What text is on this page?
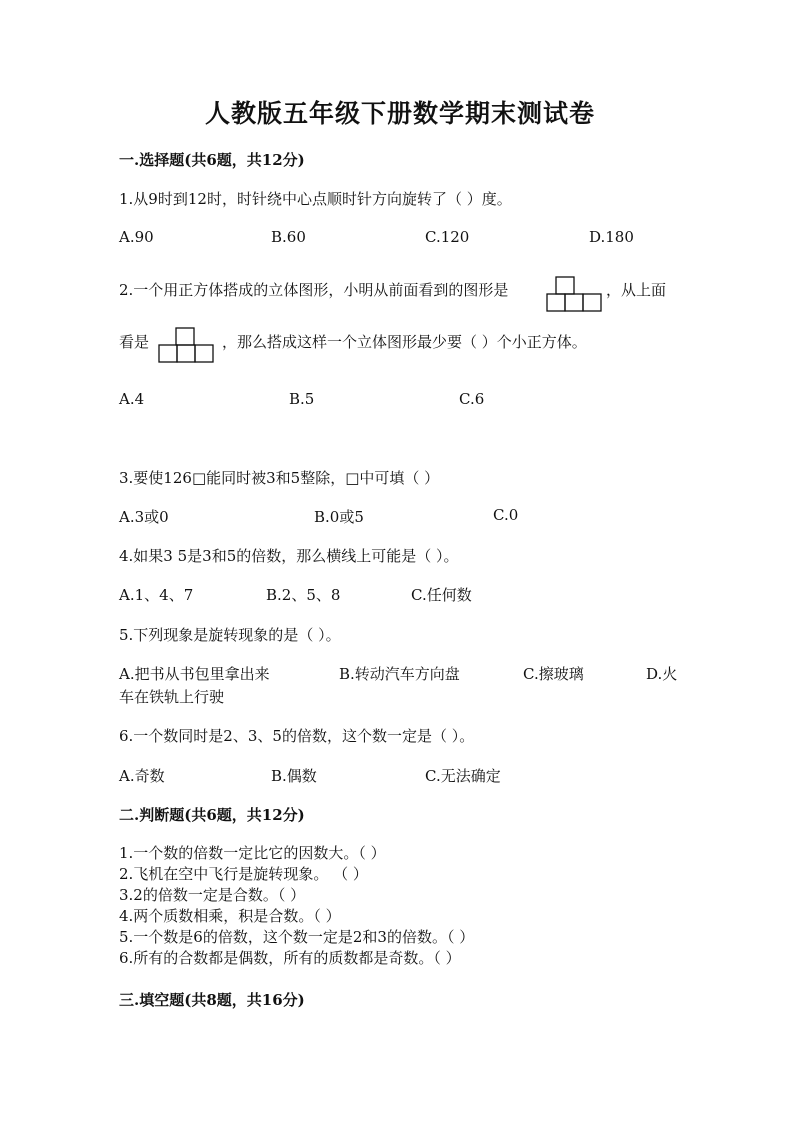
人教版五年级下册数学期末测试卷
一.选择题(共6题，共12分)
1.从9时到12时，时针绕中心点顺时针方向旋转了（ ）度。
A.90	B.60	C.120	D.180
2.一个用正方体搭成的立体图形，小明从前面看到的图形是	，从上面
看是	，那么搭成这样一个立体图形最少要（ ）个小正方体。
A.4	B.5	C.6
3.要使126□能同时被3和5整除，□中可填（ ）
A.3或0	B.0或5	C.0
4.如果3 5是3和5的倍数，那么横线上可能是（ ）。
A.1、4、7	B.2、5、8	C.任何数
5.下列现象是旋转现象的是（ ）。
A.把书从书包里拿出来	B.转动汽车方向盘	C.擦玻璃	D.火
车在铁轨上行驶
6.一个数同时是2、3、5的倍数，这个数一定是（ ）。
A.奇数	B.偶数	C.无法确定
二.判断题(共6题，共12分)
1.一个数的倍数一定比它的因数大。（ ）
2.飞机在空中飞行是旋转现象。 （ ）
3.2的倍数一定是合数。（ ）
4.两个质数相乘，积是合数。（ ）
5.一个数是6的倍数，这个数一定是2和3的倍数。（ ）
6.所有的合数都是偶数，所有的质数都是奇数。（ ）
三.填空题(共8题，共16分)
